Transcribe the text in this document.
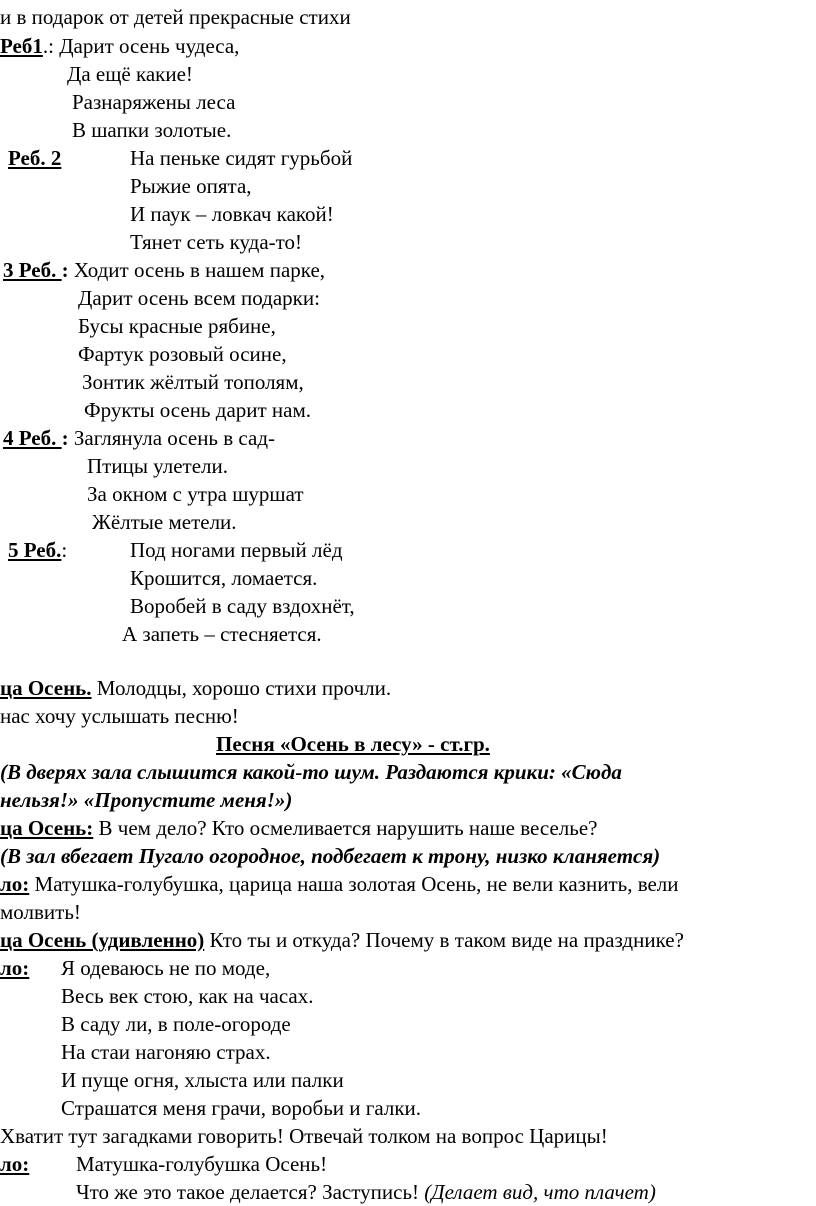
и в подарок от детей прекрасные стихи
Реб1.: Дарит осень чудеса,
Да ещё какие!
Разнаряжены леса
В шапки золотые.
Реб. 2	На пеньке сидят гурьбой
Рыжие опята,
И паук – ловкач какой!
Тянет сеть куда-то!
3 Реб. : Ходит осень в нашем парке,
Дарит осень всем подарки:
Бусы красные рябине,
Фартук розовый осине,
Зонтик жёлтый тополям,
Фрукты осень дарит нам.
4 Реб. : Заглянула осень в сад-
Птицы улетели.
За окном с утра шуршат
Жёлтые метели.
5 Реб.:	Под ногами первый лёд
Крошится, ломается.
Воробей в саду вздохнёт,
А запеть – стесняется.
ца Осень. Молодцы, хорошо стихи прочли.
нас хочу услышать песню!
Песня «Осень в лесу» - ст.гр.
(В дверях зала слышится какой-то шум. Раздаются крики: «Сюда
нельзя!» «Пропустите меня!»)
ца Осень: В чем дело? Кто осмеливается нарушить наше веселье?
(В зал вбегает Пугало огородное, подбегает к трону, низко кланяется)
ло: Матушка-голубушка, царица наша золотая Осень, не вели казнить, вели
молвить!
ца Осень (удивленно) Кто ты и откуда? Почему в таком виде на празднике?
ло: Я одеваюсь не по моде,
Весь век стою, как на часах.
В саду ли, в поле-огороде
На стаи нагоняю страх.
И пуще огня, хлыста или палки
Страшатся меня грачи, воробьи и галки.
Хватит тут загадками говорить! Отвечай толком на вопрос Царицы!
ло: Матушка-голубушка Осень!
Что же это такое делается? Заступись! (Делает вид, что плачет)
